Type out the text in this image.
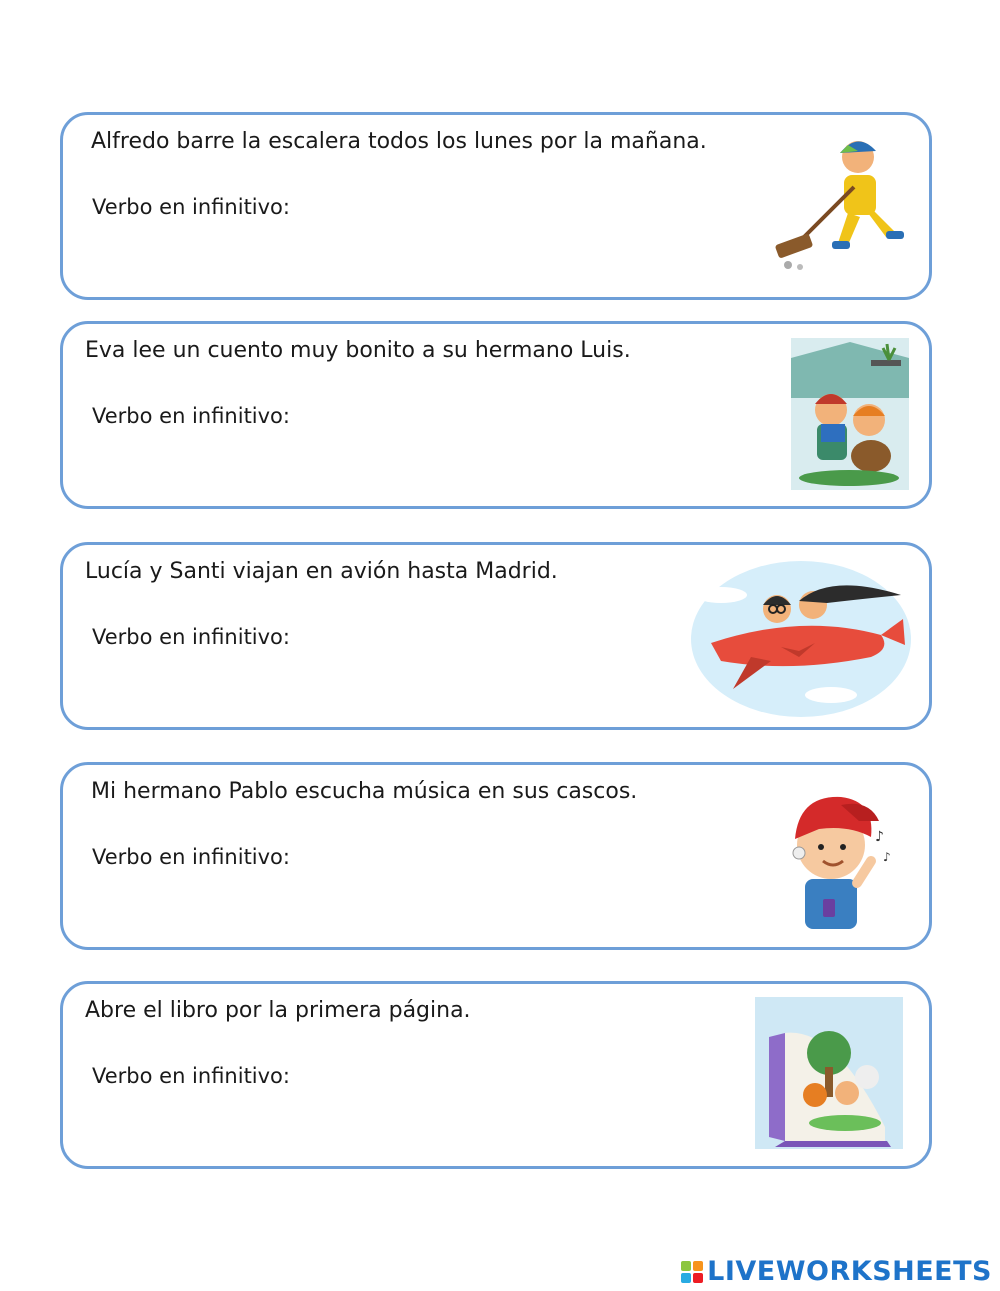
Alfredo barre la escalera todos los lunes por la mañana.
Verbo en infinitivo:
Eva lee un cuento muy bonito a su hermano Luis.
Verbo en infinitivo:
Lucía y Santi viajan en avión hasta Madrid.
Verbo en infinitivo:
Mi hermano Pablo escucha música en sus cascos.
Verbo en infinitivo:
♪
♪
Abre el libro por la primera página.
Verbo en infinitivo:
LIVEWORKSHEETS
